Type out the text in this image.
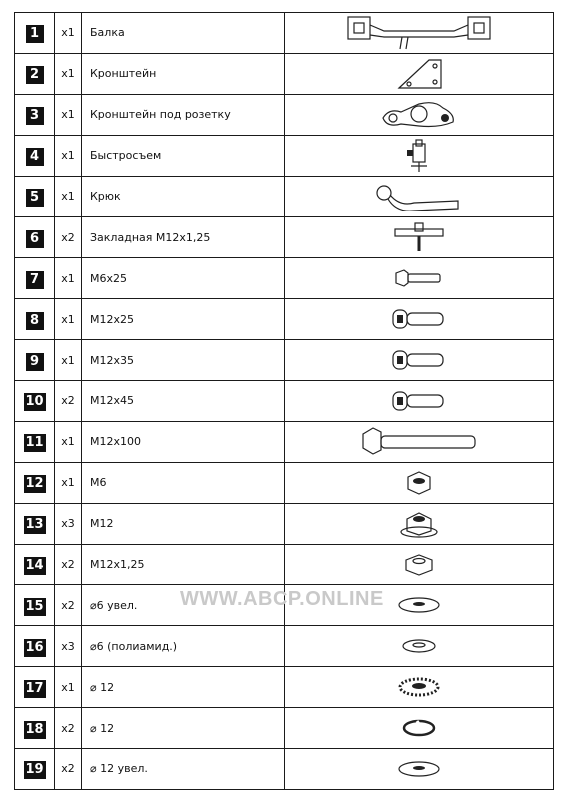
1	x1	Балка	

2	x1	Кронштейн	

3	x1	Кронштейн под розетку	

4	x1	Быстросъем	

5	x1	Крюк	

6	x2	Закладная М12х1,25	

7	x1	М6х25	

8	x1	М12х25	

9	x1	М12х35	

10	x2	М12х45	

11	x1	М12х100	

12	x1	М6	

13	x3	М12	

14	x2	М12х1,25	

15	x2	⌀6 увел.	

16	x3	⌀6 (полиамид.)	

17	x1	⌀ 12	

18	x2	⌀ 12	

19	x2	⌀ 12 увел.	
WWW.ABCP.ONLINE
